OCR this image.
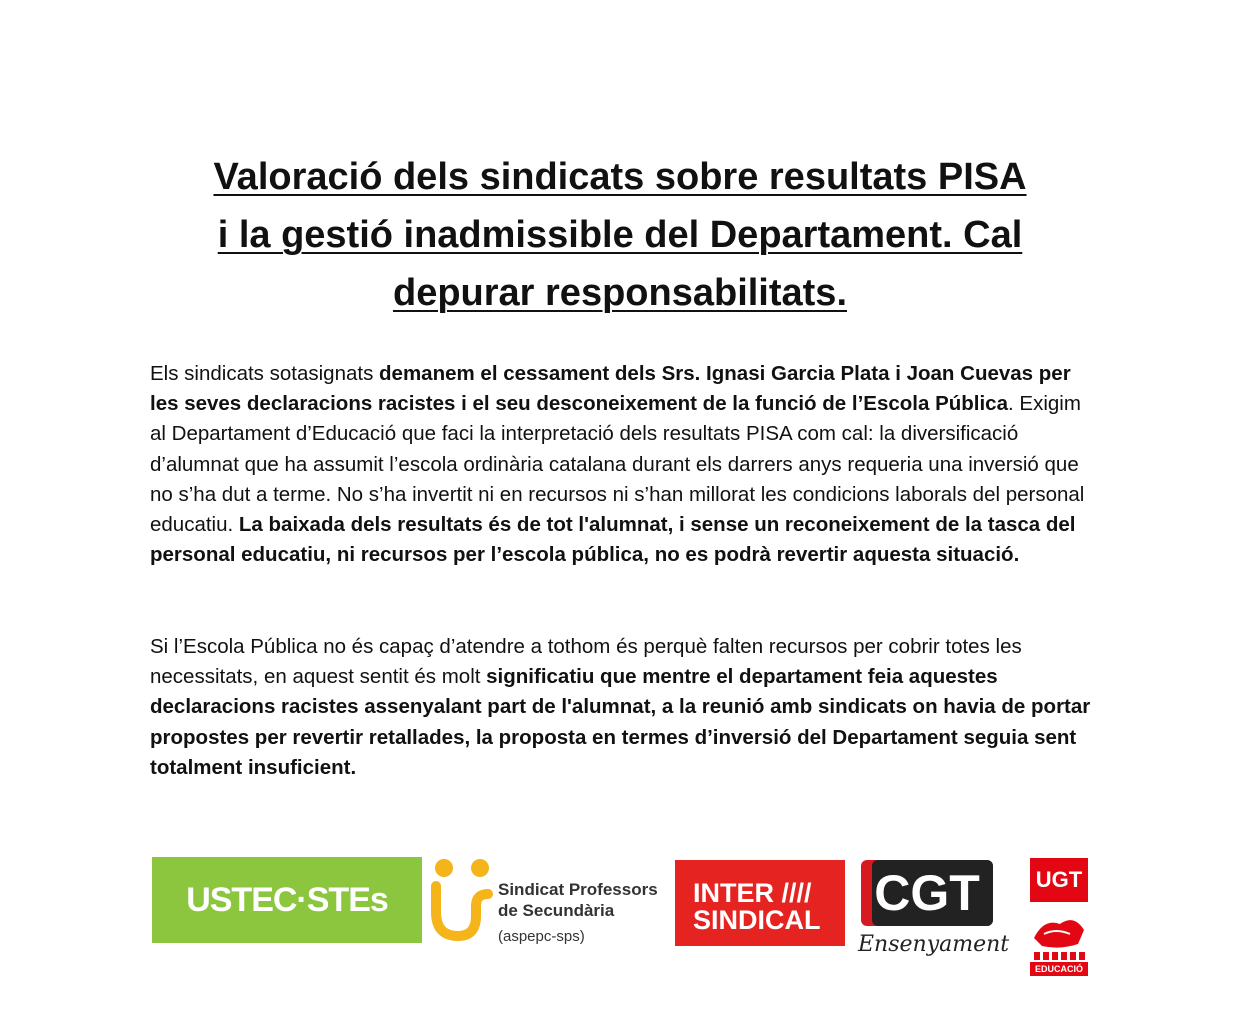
Valoració dels sindicats sobre resultats PISA
i la gestió inadmissible del Departament. Cal
depurar responsabilitats.

Els sindicats sotasignats demanem el cessament dels Srs. Ignasi Garcia Plata i Joan Cuevas per les seves declaracions racistes i el seu desconeixement de la funció de l’Escola Pública. Exigim al Departament d’Educació que faci la interpretació dels resultats PISA com cal: la diversificació d’alumnat que ha assumit l’escola ordinària catalana durant els darrers anys requeria una inversió que no s’ha dut a terme. No s’ha invertit ni en recursos ni s’han millorat les condicions laborals del personal educatiu. La baixada dels resultats és de tot l'alumnat, i sense un reconeixement de la tasca del personal educatiu, ni recursos per l’escola pública, no es podrà revertir aquesta situació.

Si l’Escola Pública no és capaç d’atendre a tothom és perquè falten recursos per cobrir totes les necessitats, en aquest sentit és molt significatiu que mentre el departament feia aquestes declaracions racistes assenyalant part de l'alumnat, a la reunió amb sindicats on havia de portar propostes per revertir retallades, la proposta en termes d’inversió del Departament seguia sent totalment insuficient.

USTEC·STEs	Sindicat Professors
de Secundària
(aspepc-sps)
INTER ////
SINDICAL CGT
Ensenyament
UGT
EDUCACIÓ
